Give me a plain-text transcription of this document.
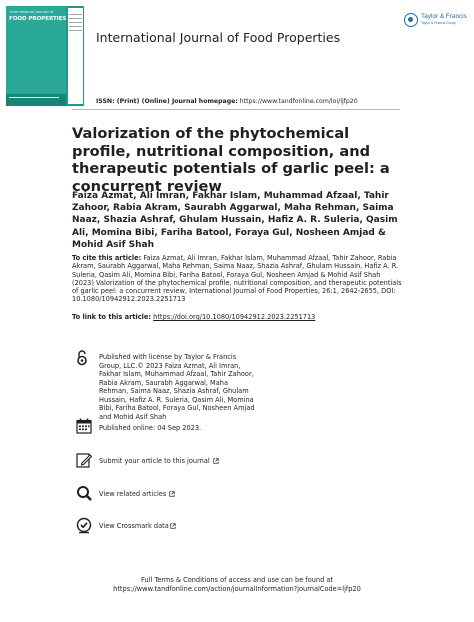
International Journal of
FOOD PROPERTIES
International Journal of Food Properties
Taylor & Francis
Taylor & Francis Group
ISSN: (Print) (Online) Journal homepage: https://www.tandfonline.com/loi/ljfp20
Valorization of the phytochemical profile, nutritional composition, and therapeutic potentials of garlic peel: a concurrent review
Faiza Azmat, Ali Imran, Fakhar Islam, Muhammad Afzaal, Tahir Zahoor, Rabia Akram, Saurabh Aggarwal, Maha Rehman, Saima Naaz, Shazia Ashraf, Ghulam Hussain, Hafiz A. R. Suleria, Qasim Ali, Momina Bibi, Fariha Batool, Foraya Gul, Nosheen Amjad & Mohid Asif Shah
To cite this article: Faiza Azmat, Ali Imran, Fakhar Islam, Muhammad Afzaal, Tahir Zahoor, Rabia Akram, Saurabh Aggarwal, Maha Rehman, Saima Naaz, Shazia Ashraf, Ghulam Hussain, Hafiz A. R. Suleria, Qasim Ali, Momina Bibi, Fariha Batool, Foraya Gul, Nosheen Amjad & Mohid Asif Shah (2023) Valorization of the phytochemical profile, nutritional composition, and therapeutic potentials of garlic peel: a concurrent review, International Journal of Food Properties, 26:1, 2642-2655, DOI: 10.1080/10942912.2023.2251713
To link to this article: https://doi.org/10.1080/10942912.2023.2251713
Published with license by Taylor & Francis Group, LLC.© 2023 Faiza Azmat, Ali Imran, Fakhar Islam, Muhammad Afzaal, Tahir Zahoor, Rabia Akram, Saurabh Aggarwal, Maha Rehman, Saima Naaz, Shazia Ashraf, Ghulam Hussain, Hafiz A. R. Suleria, Qasim Ali, Momina Bibi, Fariha Batool, Foraya Gul, Nosheen Amjad and Mohid Asif Shah
Published online: 04 Sep 2023.
Submit your article to this journal
View related articles
View Crossmark data
Full Terms & Conditions of access and use can be found at
https://www.tandfonline.com/action/journalInformation?journalCode=ljfp20
